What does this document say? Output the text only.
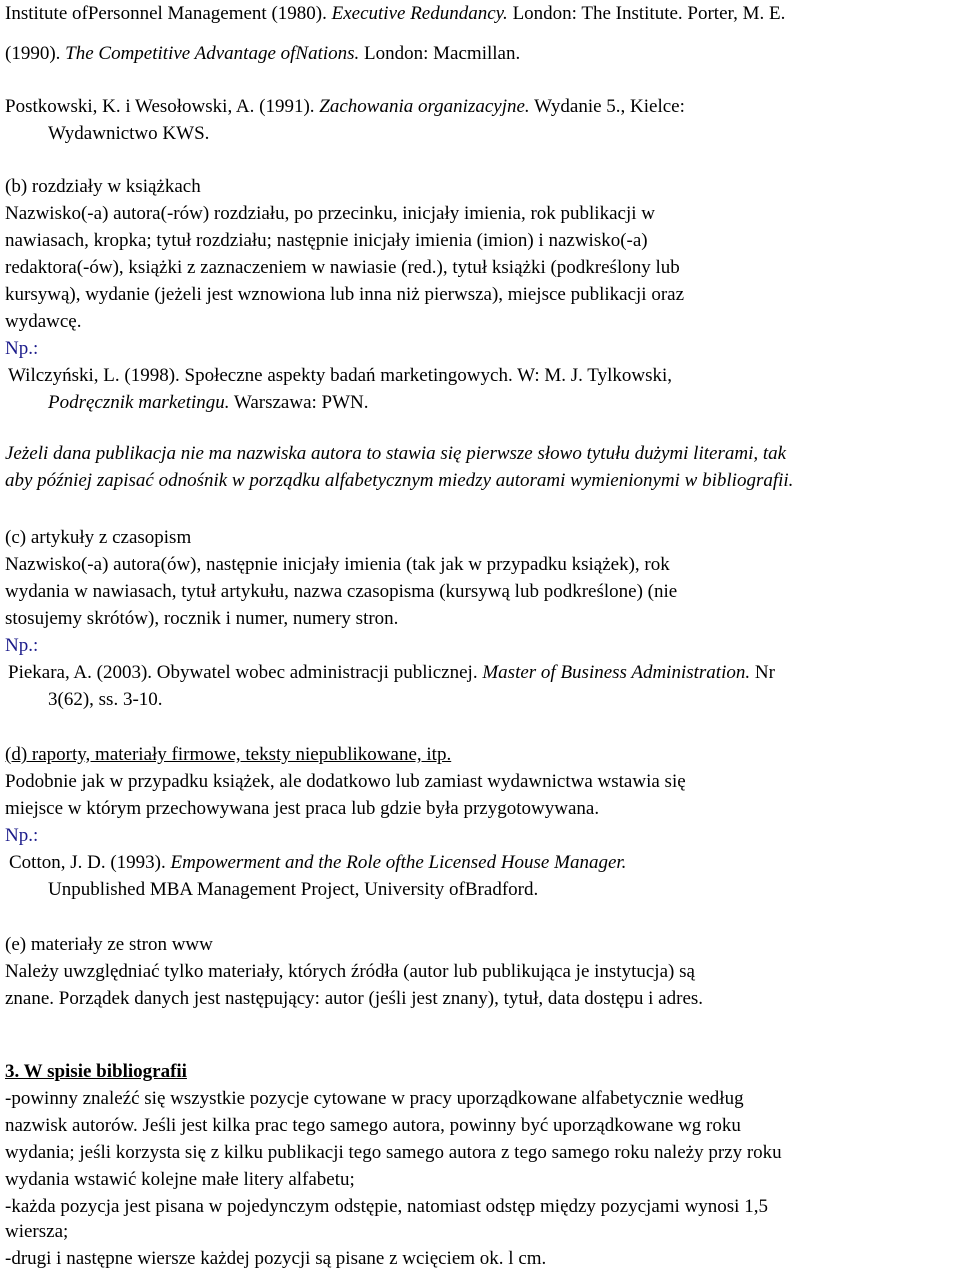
Institute ofPersonnel Management (1980). Executive Redundancy. London: The Institute. Porter, M. E.
(1990). The Competitive Advantage ofNations. London: Macmillan.
Postkowski, K. i Wesołowski, A. (1991). Zachowania organizacyjne. Wydanie 5., Kielce:
Wydawnictwo KWS.
(b) rozdziały w książkach
Nazwisko(-a) autora(-rów) rozdziału, po przecinku, inicjały imienia, rok publikacji w
nawiasach, kropka; tytuł rozdziału; następnie inicjały imienia (imion) i nazwisko(-a)
redaktora(-ów), książki z zaznaczeniem w nawiasie (red.), tytuł książki (podkreślony lub
kursywą), wydanie (jeżeli jest wznowiona lub inna niż pierwsza), miejsce publikacji oraz
wydawcę.
Np.:
Wilczyński, L. (1998). Społeczne aspekty badań marketingowych. W: M. J. Tylkowski,
Podręcznik marketingu. Warszawa: PWN.
Jeżeli dana publikacja nie ma nazwiska autora to stawia się pierwsze słowo tytułu dużymi literami, tak
aby później zapisać odnośnik w porządku alfabetycznym miedzy autorami wymienionymi w bibliografii.
(c) artykuły z czasopism
Nazwisko(-a) autora(ów), następnie inicjały imienia (tak jak w przypadku książek), rok
wydania w nawiasach, tytuł artykułu, nazwa czasopisma (kursywą lub podkreślone) (nie
stosujemy skrótów), rocznik i numer, numery stron.
Np.:
Piekara, A. (2003). Obywatel wobec administracji publicznej. Master of Business Administration. Nr
3(62), ss. 3-10.
(d) raporty, materiały firmowe, teksty niepublikowane, itp.
Podobnie jak w przypadku książek, ale dodatkowo lub zamiast wydawnictwa wstawia się
miejsce w którym przechowywana jest praca lub gdzie była przygotowywana.
Np.:
Cotton, J. D. (1993). Empowerment and the Role ofthe Licensed House Manager.
Unpublished MBA Management Project, University ofBradford.
(e) materiały ze stron www
Należy uwzględniać tylko materiały, których źródła (autor lub publikująca je instytucja) są
znane. Porządek danych jest następujący: autor (jeśli jest znany), tytuł, data dostępu i adres.
3. W spisie bibliografii
-powinny znaleźć się wszystkie pozycje cytowane w pracy uporządkowane alfabetycznie według
nazwisk autorów. Jeśli jest kilka prac tego samego autora, powinny być uporządkowane wg roku
wydania; jeśli korzysta się z kilku publikacji tego samego autora z tego samego roku należy przy roku
wydania wstawić kolejne małe litery alfabetu;
-każda pozycja jest pisana w pojedynczym odstępie, natomiast odstęp między pozycjami wynosi 1,5
wiersza;
-drugi i następne wiersze każdej pozycji są pisane z wcięciem ok. l cm.
